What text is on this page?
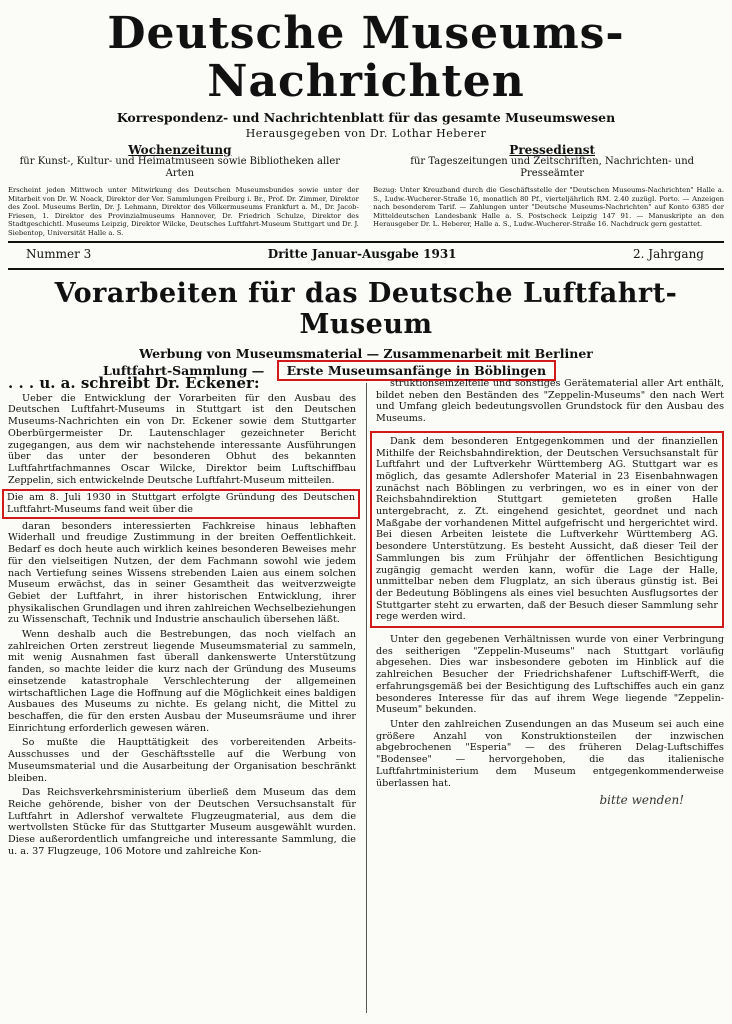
Deutsche Museums-Nachrichten
Korrespondenz- und Nachrichtenblatt für das gesamte Museumswesen
Herausgegeben von Dr. Lothar Heberer
Wochenzeitung
für Kunst-, Kultur- und Heimatmuseen sowie Bibliotheken aller Arten
Pressedienst
für Tageszeitungen und Zeitschriften, Nachrichten- und Presseämter
Erscheint jeden Mittwoch unter Mitwirkung des Deutschen Museumsbundes sowie unter der Mitarbeit von Dr. W. Noack, Direktor der Ver. Sammlungen Freiburg i. Br., Prof. Dr. Zimmer, Direktor des Zool. Museums Berlin, Dr. J. Lehmann, Direktor des Völkermuseums Frankfurt a. M., Dr. Jacob-Friesen, 1. Direktor des Provinzialmuseums Hannover, Dr. Friedrich Schulze, Direktor des Stadtgeschichtl. Museums Leipzig, Direktor Wilcke, Deutsches Luftfahrt-Museum Stuttgart und Dr. J. Siebentop, Universität Halle a. S.
Bezug: Unter Kreuzband durch die Geschäftsstelle der "Deutschen Museums-Nachrichten" Halle a. S., Ludw.-Wucherer-Straße 16, monatlich 80 Pf., vierteljährlich RM. 2.40 zuzügl. Porto. — Anzeigen nach besonderem Tarif. — Zahlungen unter "Deutsche Museums-Nachrichten" auf Konto 6385 der Mitteldeutschen Landesbank Halle a. S. Postscheck Leipzig 147 91. — Manuskripte an den Herausgeber Dr. L. Heberer, Halle a. S., Ludw.-Wucherer-Straße 16. Nachdruck gern gestattet.
Nummer 3	Dritte Januar-Ausgabe 1931	2. Jahrgang
Vorarbeiten für das Deutsche Luftfahrt-Museum
Werbung von Museumsmaterial — Zusammenarbeit mit Berliner
Luftfahrt-Sammlung — Erste Museumsanfänge in Böblingen

. . . u. a. schreibt Dr. Eckener:

Ueber die Entwicklung der Vorarbeiten für den Ausbau des Deutschen Luftfahrt-Museums in Stuttgart ist den Deutschen Museums-Nachrichten ein von Dr. Eckener sowie dem Stuttgarter Oberbürgermeister Dr. Lautenschlager gezeichneter Bericht zugegangen, aus dem wir nachstehende interessante Ausführungen über das unter der besonderen Obhut des bekannten Luftfahrtfachmannes Oscar Wilcke, Direktor beim Luftschiffbau Zeppelin, sich entwickelnde Deutsche Luftfahrt-Museum mitteilen.

Die am 8. Juli 1930 in Stuttgart erfolgte Gründung des Deutschen Luftfahrt-Museums fand weit über die

daran besonders interessierten Fachkreise hinaus lebhaften Widerhall und freudige Zustimmung in der breiten Oeffentlichkeit. Bedarf es doch heute auch wirklich keines besonderen Beweises mehr für den vielseitigen Nutzen, der dem Fachmann sowohl wie jedem nach Vertiefung seines Wissens strebenden Laien aus einem solchen Museum erwächst, das in seiner Gesamtheit das weitverzweigte Gebiet der Luftfahrt, in ihrer historischen Entwicklung, ihrer physikalischen Grundlagen und ihren zahlreichen Wechselbeziehungen zu Wissenschaft, Technik und Industrie anschaulich übersehen läßt.

Wenn deshalb auch die Bestrebungen, das noch vielfach an zahlreichen Orten zerstreut liegende Museumsmaterial zu sammeln, mit wenig Ausnahmen fast überall dankenswerte Unterstützung fanden, so machte leider die kurz nach der Gründung des Museums einsetzende katastrophale Verschlechterung der allgemeinen wirtschaftlichen Lage die Hoffnung auf die Möglichkeit eines baldigen Ausbaues des Museums zu nichte. Es gelang nicht, die Mittel zu beschaffen, die für den ersten Ausbau der Museumsräume und ihrer Einrichtung erforderlich gewesen wären.

So mußte die Haupttätigkeit des vorbereitenden Arbeits-Ausschusses und der Geschäftsstelle auf die Werbung von Museumsmaterial und die Ausarbeitung der Organisation beschränkt bleiben.

Das Reichsverkehrsministerium überließ dem Museum das dem Reiche gehörende, bisher von der Deutschen Versuchsanstalt für Luftfahrt in Adlershof verwaltete Flugzeugmaterial, aus dem die wertvollsten Stücke für das Stuttgarter Museum ausgewählt wurden. Diese außerordentlich umfangreiche und interessante Sammlung, die u. a. 37 Flugzeuge, 106 Motore und zahlreiche Kon-

struktionseinzelteile und sonstiges Gerätematerial aller Art enthält, bildet neben den Beständen des "Zeppelin-Museums" den nach Wert und Umfang gleich bedeutungsvollen Grundstock für den Ausbau des Museums.

Dank dem besonderen Entgegenkommen und der finanziellen Mithilfe der Reichsbahndirektion, der Deutschen Versuchsanstalt für Luftfahrt und der Luftverkehr Württemberg AG. Stuttgart war es möglich, das gesamte Adlershofer Material in 23 Eisenbahnwagen zunächst nach Böblingen zu verbringen, wo es in einer von der Reichsbahndirektion Stuttgart gemieteten großen Halle untergebracht, z. Zt. eingehend gesichtet, geordnet und nach Maßgabe der vorhandenen Mittel aufgefrischt und hergerichtet wird. Bei diesen Arbeiten leistete die Luftverkehr Württemberg AG. besondere Unterstützung. Es besteht Aussicht, daß dieser Teil der Sammlungen bis zum Frühjahr der öffentlichen Besichtigung zugängig gemacht werden kann, wofür die Lage der Halle, unmittelbar neben dem Flugplatz, an sich überaus günstig ist. Bei der Bedeutung Böblingens als eines viel besuchten Ausflugsortes der Stuttgarter steht zu erwarten, daß der Besuch dieser Sammlung sehr rege werden wird.

Unter den gegebenen Verhältnissen wurde von einer Verbringung des seitherigen "Zeppelin-Museums" nach Stuttgart vorläufig abgesehen. Dies war insbesondere geboten im Hinblick auf die zahlreichen Besucher der Friedrichshafener Luftschiff-Werft, die erfahrungsgemäß bei der Besichtigung des Luftschiffes auch ein ganz besonderes Interesse für das auf ihrem Wege liegende "Zeppelin-Museum" bekunden.

Unter den zahlreichen Zusendungen an das Museum sei auch eine größere Anzahl von Konstruktionsteilen der inzwischen abgebrochenen "Esperia" — des früheren Delag-Luftschiffes "Bodensee" — hervorgehoben, die das italienische Luftfahrtministerium dem Museum entgegenkommenderweise überlassen hat.

bitte wenden!
